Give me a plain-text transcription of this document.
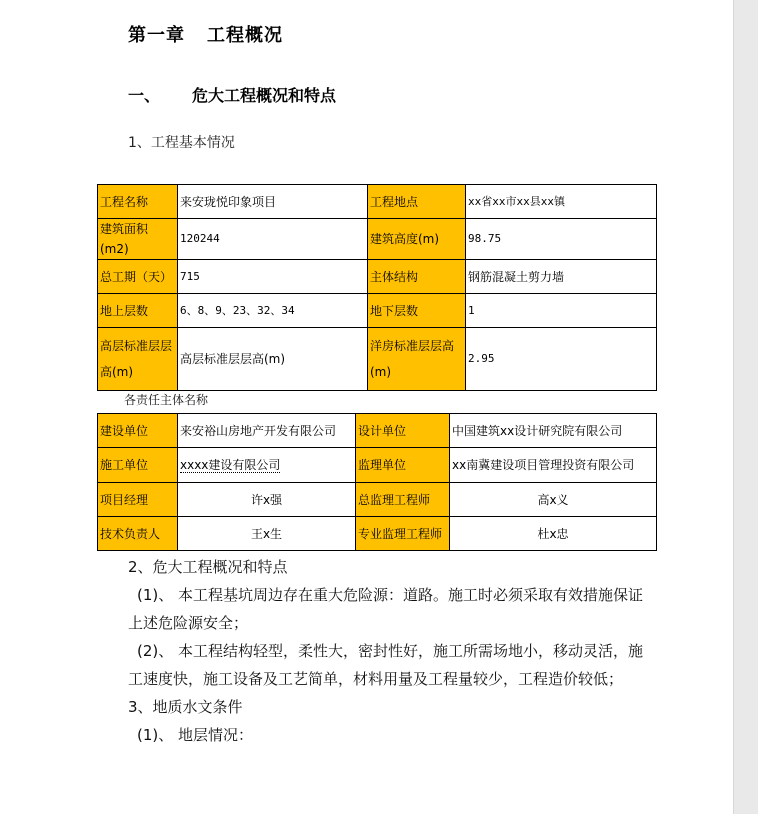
第一章 工程概况
一、 危大工程概况和特点
1、工程基本情况
工程名称	来安珑悦印象项目	工程地点	xx省xx市xx县xx镇
建筑面积(m2)	120244	建筑高度(m)	98.75
总工期（天）	715	主体结构	钢筋混凝土剪力墙
地上层数	6、8、9、23、32、34	地下层数	1
高层标准层层高(m)	高层标准层层高(m)	洋房标准层层高(m)	2.95
各责任主体名称
建设单位	来安裕山房地产开发有限公司	设计单位	中国建筑xx设计研究院有限公司
施工单位	xxxx建设有限公司	监理单位	xx南冀建设项目管理投资有限公司
项目经理	许x强	总监理工程师	高x义
技术负责人	王x生	专业监理工程师	杜x忠
2、危大工程概况和特点
(1)、 本工程基坑周边存在重大危险源：道路。施工时必须采取有效措施保证
上述危险源安全；
(2)、 本工程结构轻型，柔性大，密封性好，施工所需场地小，移动灵活，施
工速度快，施工设备及工艺简单，材料用量及工程量较少，工程造价较低；
3、地质水文条件
(1)、 地层情况：
